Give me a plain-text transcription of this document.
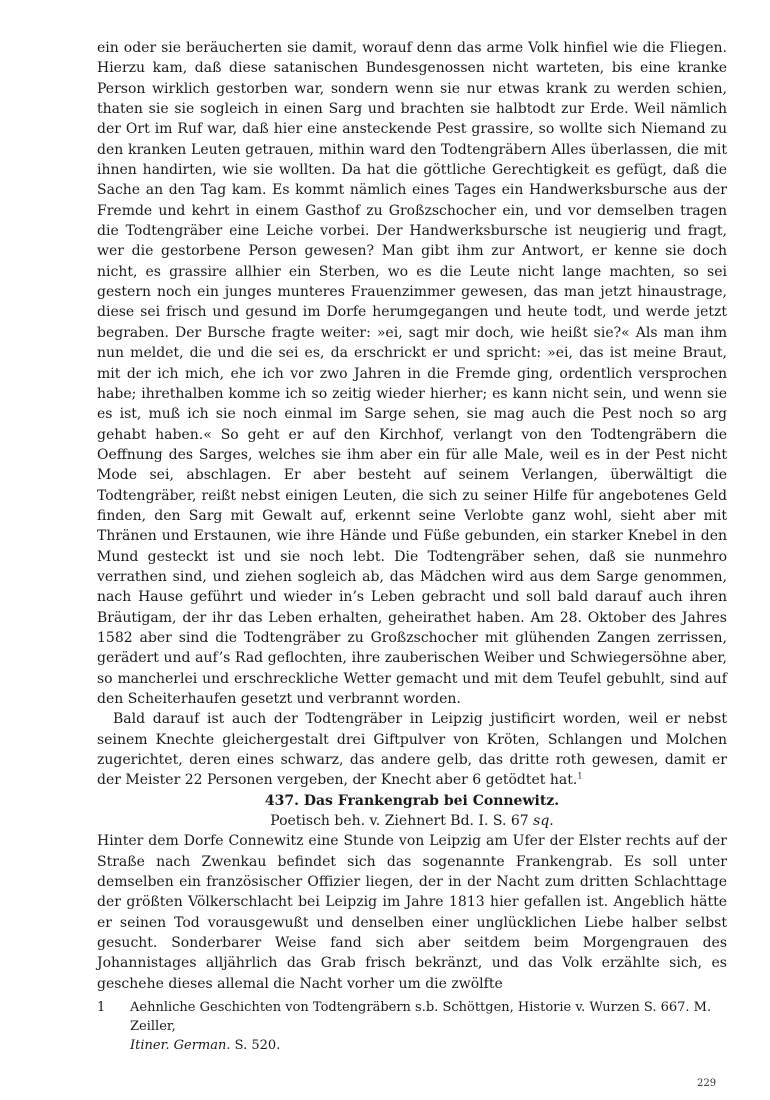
ein oder sie beräucherten sie damit, worauf denn das arme Volk hinfiel wie die Fliegen. Hierzu kam, daß diese satanischen Bundesgenossen nicht warteten, bis eine kranke Person wirklich gestorben war, sondern wenn sie nur etwas krank zu werden schien, thaten sie sie sogleich in einen Sarg und brachten sie halbtodt zur Erde. Weil nämlich der Ort im Ruf war, daß hier eine ansteckende Pest grassire, so wollte sich Niemand zu den kranken Leuten getrauen, mithin ward den Todtengräbern Alles überlassen, die mit ihnen handirten, wie sie wollten. Da hat die göttliche Gerechtigkeit es gefügt, daß die Sache an den Tag kam. Es kommt nämlich eines Tages ein Handwerksbursche aus der Fremde und kehrt in einem Gasthof zu Großzschocher ein, und vor demselben tragen die Todtengräber eine Leiche vorbei. Der Handwerksbursche ist neugierig und fragt, wer die gestorbene Person gewesen? Man gibt ihm zur Antwort, er kenne sie doch nicht, es grassire allhier ein Sterben, wo es die Leute nicht lange machten, so sei gestern noch ein junges munteres Frauenzimmer gewesen, das man jetzt hinaustrage, diese sei frisch und gesund im Dorfe herumgegangen und heute todt, und werde jetzt begraben. Der Bursche fragte weiter: »ei, sagt mir doch, wie heißt sie?« Als man ihm nun meldet, die und die sei es, da erschrickt er und spricht: »ei, das ist meine Braut, mit der ich mich, ehe ich vor zwo Jahren in die Fremde ging, ordentlich versprochen habe; ihrethalben komme ich so zeitig wieder hierher; es kann nicht sein, und wenn sie es ist, muß ich sie noch einmal im Sarge sehen, sie mag auch die Pest noch so arg gehabt haben.« So geht er auf den Kirchhof, verlangt von den Todtengräbern die Oeffnung des Sarges, welches sie ihm aber ein für alle Male, weil es in der Pest nicht Mode sei, abschlagen. Er aber besteht auf seinem Verlangen, überwältigt die Todtengräber, reißt nebst einigen Leuten, die sich zu seiner Hilfe für angebotenes Geld finden, den Sarg mit Gewalt auf, erkennt seine Verlobte ganz wohl, sieht aber mit Thränen und Erstaunen, wie ihre Hände und Füße gebunden, ein starker Knebel in den Mund gesteckt ist und sie noch lebt. Die Todtengräber sehen, daß sie nunmehro verrathen sind, und ziehen sogleich ab, das Mädchen wird aus dem Sarge genommen, nach Hause geführt und wieder in’s Leben gebracht und soll bald darauf auch ihren Bräutigam, der ihr das Leben erhalten, geheirathet haben. Am 28. Oktober des Jahres 1582 aber sind die Todtengräber zu Großzschocher mit glühenden Zangen zerrissen, gerädert und auf’s Rad geflochten, ihre zauberischen Weiber und Schwiegersöhne aber, so mancherlei und erschreckliche Wetter gemacht und mit dem Teufel gebuhlt, sind auf den Scheiterhaufen gesetzt und verbrannt worden.

Bald darauf ist auch der Todtengräber in Leipzig justificirt worden, weil er nebst seinem Knechte gleichergestalt drei Giftpulver von Kröten, Schlangen und Molchen zugerichtet, deren eines schwarz, das andere gelb, das dritte roth gewesen, damit er der Meister 22 Personen vergeben, der Knecht aber 6 getödtet hat.$^1$

437. Das Frankengrab bei Connewitz.

Poetisch beh. v. Ziehnert Bd. I. S. 67 sq.

Hinter dem Dorfe Connewitz eine Stunde von Leipzig am Ufer der Elster rechts auf der Straße nach Zwenkau befindet sich das sogenannte Frankengrab. Es soll unter demselben ein französischer Offizier liegen, der in der Nacht zum dritten Schlachttage der größten Völkerschlacht bei Leipzig im Jahre 1813 hier gefallen ist. Angeblich hätte er seinen Tod vorausgewußt und denselben einer unglücklichen Liebe halber selbst gesucht. Sonderbarer Weise fand sich aber seitdem beim Morgengrauen des Johannistages alljährlich das Grab frisch bekränzt, und das Volk erzählte sich, es geschehe dieses allemal die Nacht vorher um die zwölfte

1	Aehnliche Geschichten von Todtengräbern s.b. Schöttgen, Historie v. Wurzen S. 667. M. Zeiller,
Itiner. German. S. 520.
229
